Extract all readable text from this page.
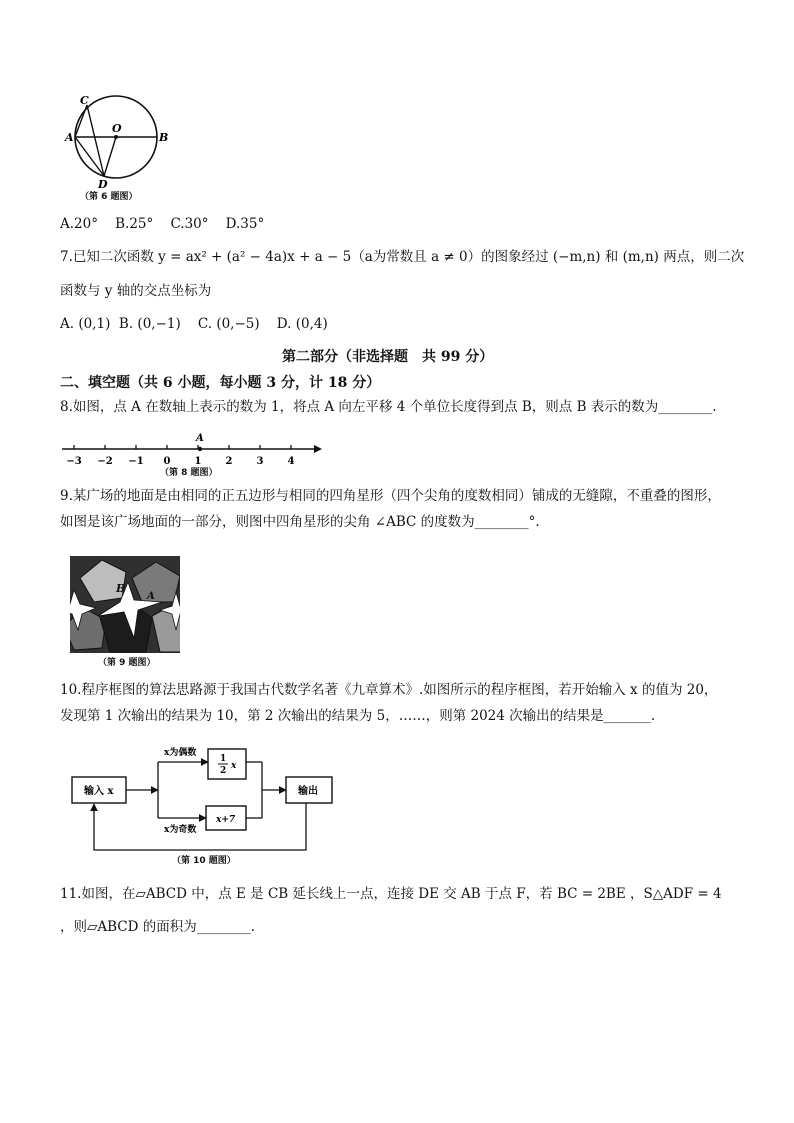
C
A
O
B
D
（第 6 题图）
A.20°    B.25°    C.30°    D.35°
7.已知二次函数 y = ax² + (a² − 4a)x + a − 5（a为常数且 a ≠ 0）的图象经过 (−m,n) 和 (m,n) 两点，则二次
函数与 y 轴的交点坐标为
A. (0,1)  B. (0,−1)    C. (0,−5)    D. (0,4)
第二部分（非选择题　共 99 分）
二、填空题（共 6 小题，每小题 3 分，计 18 分）
8.如图，点 A 在数轴上表示的数为 1，将点 A 向左平移 4 个单位长度得到点 B，则点 B 表示的数为________.
−3 −2 −1 0 1 2 3 4
A
（第 8 题图）
9.某广场的地面是由相同的正五边形与相同的四角星形（四个尖角的度数相同）铺成的无缝隙，不重叠的图形，
如图是该广场地面的一部分，则图中四角星形的尖角 ∠ABC 的度数为________°.
B
A
（第 9 题图）
10.程序框图的算法思路源于我国古代数学名著《九章算术》.如图所示的程序框图，若开始输入 x 的值为 20，
发现第 1 次输出的结果为 10，第 2 次输出的结果为 5，……，则第 2024 次输出的结果是_______.
输入 x
x为偶数
1
2 x
x为奇数
x+7
输出
（第 10 题图）
11.如图，在▱ABCD 中，点 E 是 CB 延长线上一点，连接 DE 交 AB 于点 F，若 BC = 2BE ，S△ADF = 4
，则▱ABCD 的面积为________.
